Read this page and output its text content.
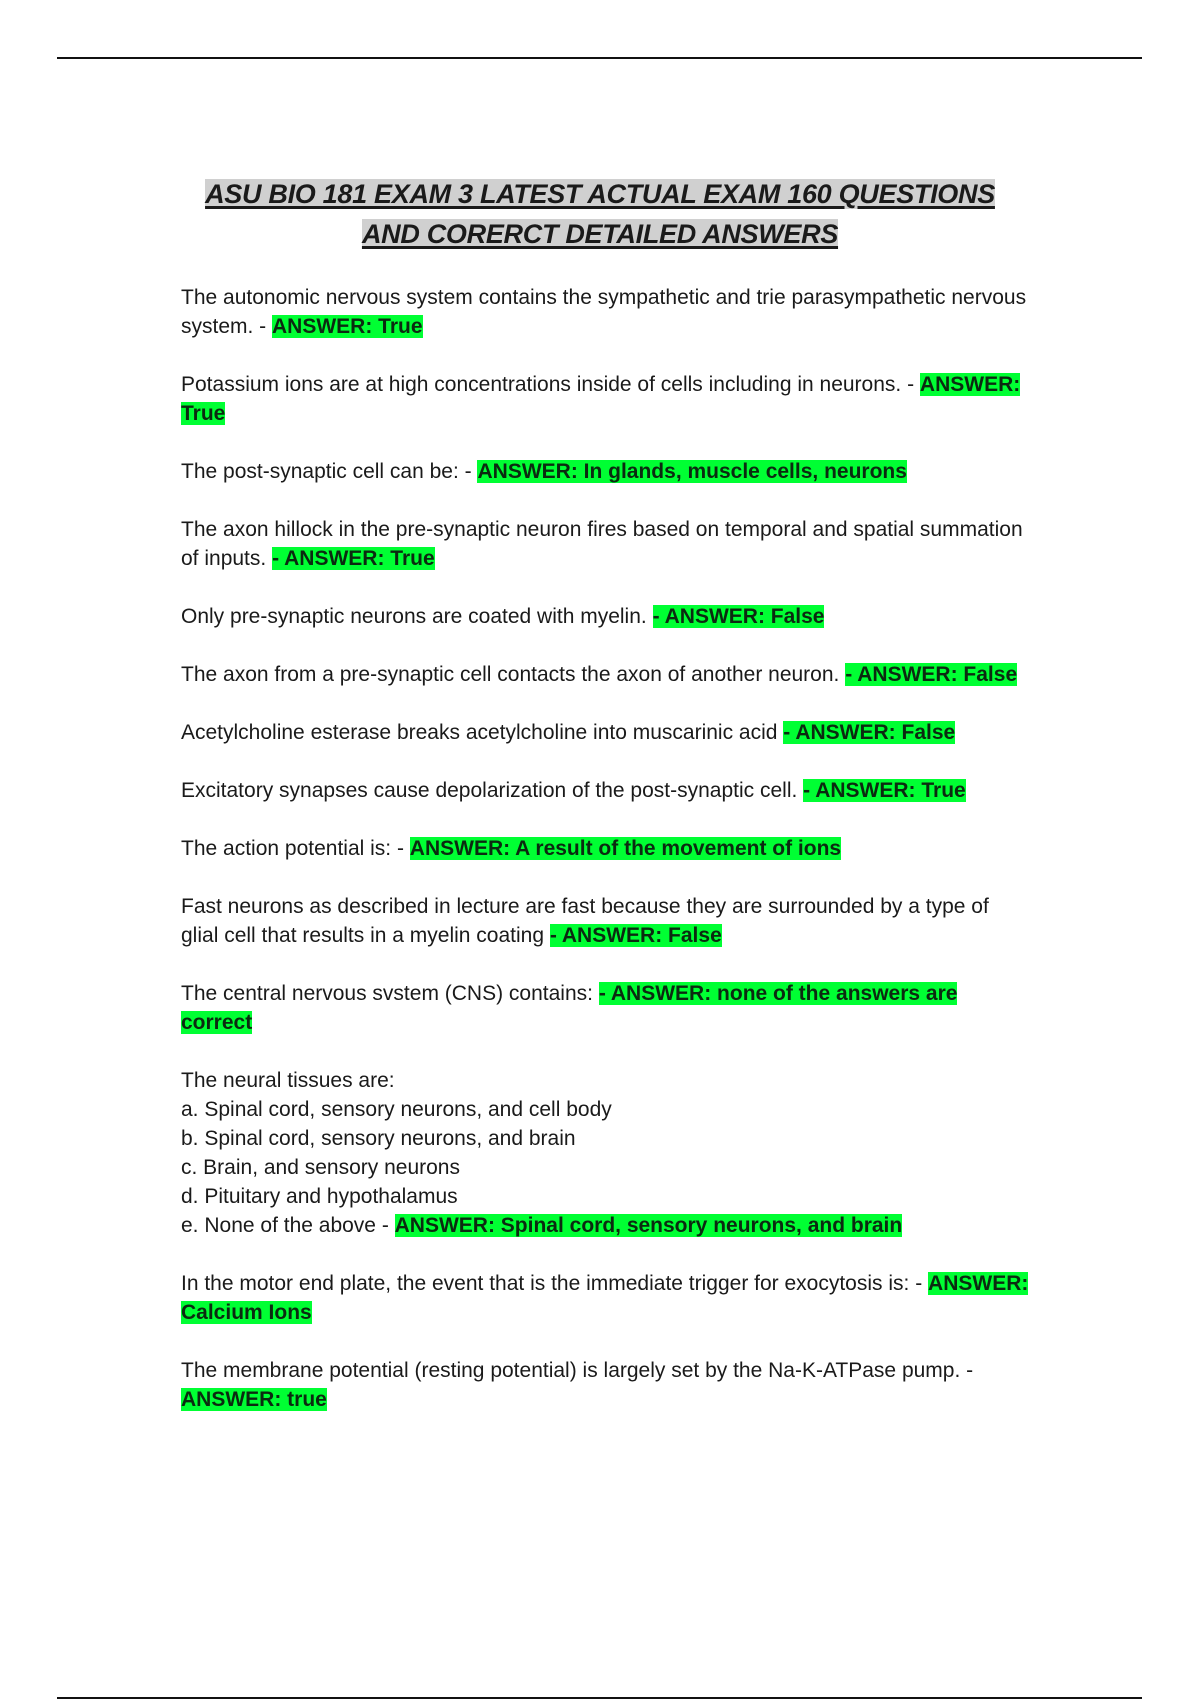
ASU BIO 181 EXAM 3 LATEST ACTUAL EXAM 160 QUESTIONS
AND CORERCT DETAILED ANSWERS

The autonomic nervous system contains the sympathetic and trie parasympathetic nervous system. - ANSWER: True

Potassium ions are at high concentrations inside of cells including in neurons. - ANSWER: True

The post-synaptic cell can be: - ANSWER: In glands, muscle cells, neurons

The axon hillock in the pre-synaptic neuron fires based on temporal and spatial summation of inputs. - ANSWER: True

Only pre-synaptic neurons are coated with myelin. - ANSWER: False

The axon from a pre-synaptic cell contacts the axon of another neuron. - ANSWER: False

Acetylcholine esterase breaks acetylcholine into muscarinic acid - ANSWER: False

Excitatory synapses cause depolarization of the post-synaptic cell. - ANSWER: True

The action potential is: - ANSWER: A result of the movement of ions

Fast neurons as described in lecture are fast because they are surrounded by a type of glial cell that results in a myelin coating - ANSWER: False

The central nervous svstem (CNS) contains: - ANSWER: none of the answers are correct

The neural tissues are:
a. Spinal cord, sensory neurons, and cell body
b. Spinal cord, sensory neurons, and brain
c. Brain, and sensory neurons
d. Pituitary and hypothalamus
e. None of the above - ANSWER: Spinal cord, sensory neurons, and brain

In the motor end plate, the event that is the immediate trigger for exocytosis is: - ANSWER: Calcium Ions

The membrane potential (resting potential) is largely set by the Na-K-ATPase pump. - ANSWER: true
